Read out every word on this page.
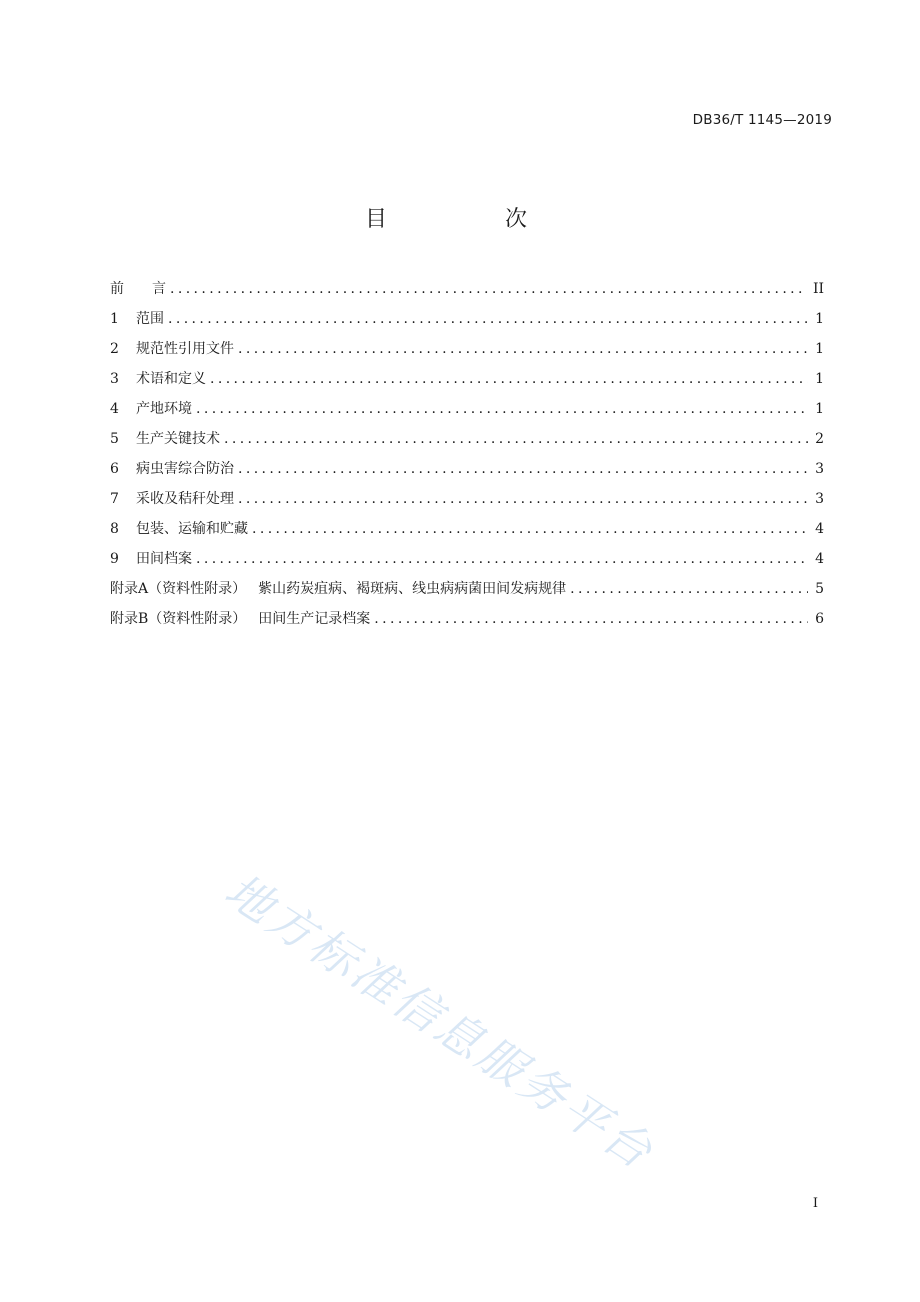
DB36/T 1145—2019
目　次
前　　言 .....	II
1 范围 .....	1
2 规范性引用文件 .....	1
3 术语和定义 .....	1
4 产地环境 .....	1
5 生产关键技术 .....	2
6 病虫害综合防治 .....	3
7 采收及秸秆处理 .....	3
8 包装、运输和贮藏 .....	4
9 田间档案 .....	4
附录A（资料性附录） 紫山药炭疽病、褐斑病、线虫病病菌田间发病规律 .....	5
附录B（资料性附录） 田间生产记录档案 .....	6
地方标准信息服务平台
I
